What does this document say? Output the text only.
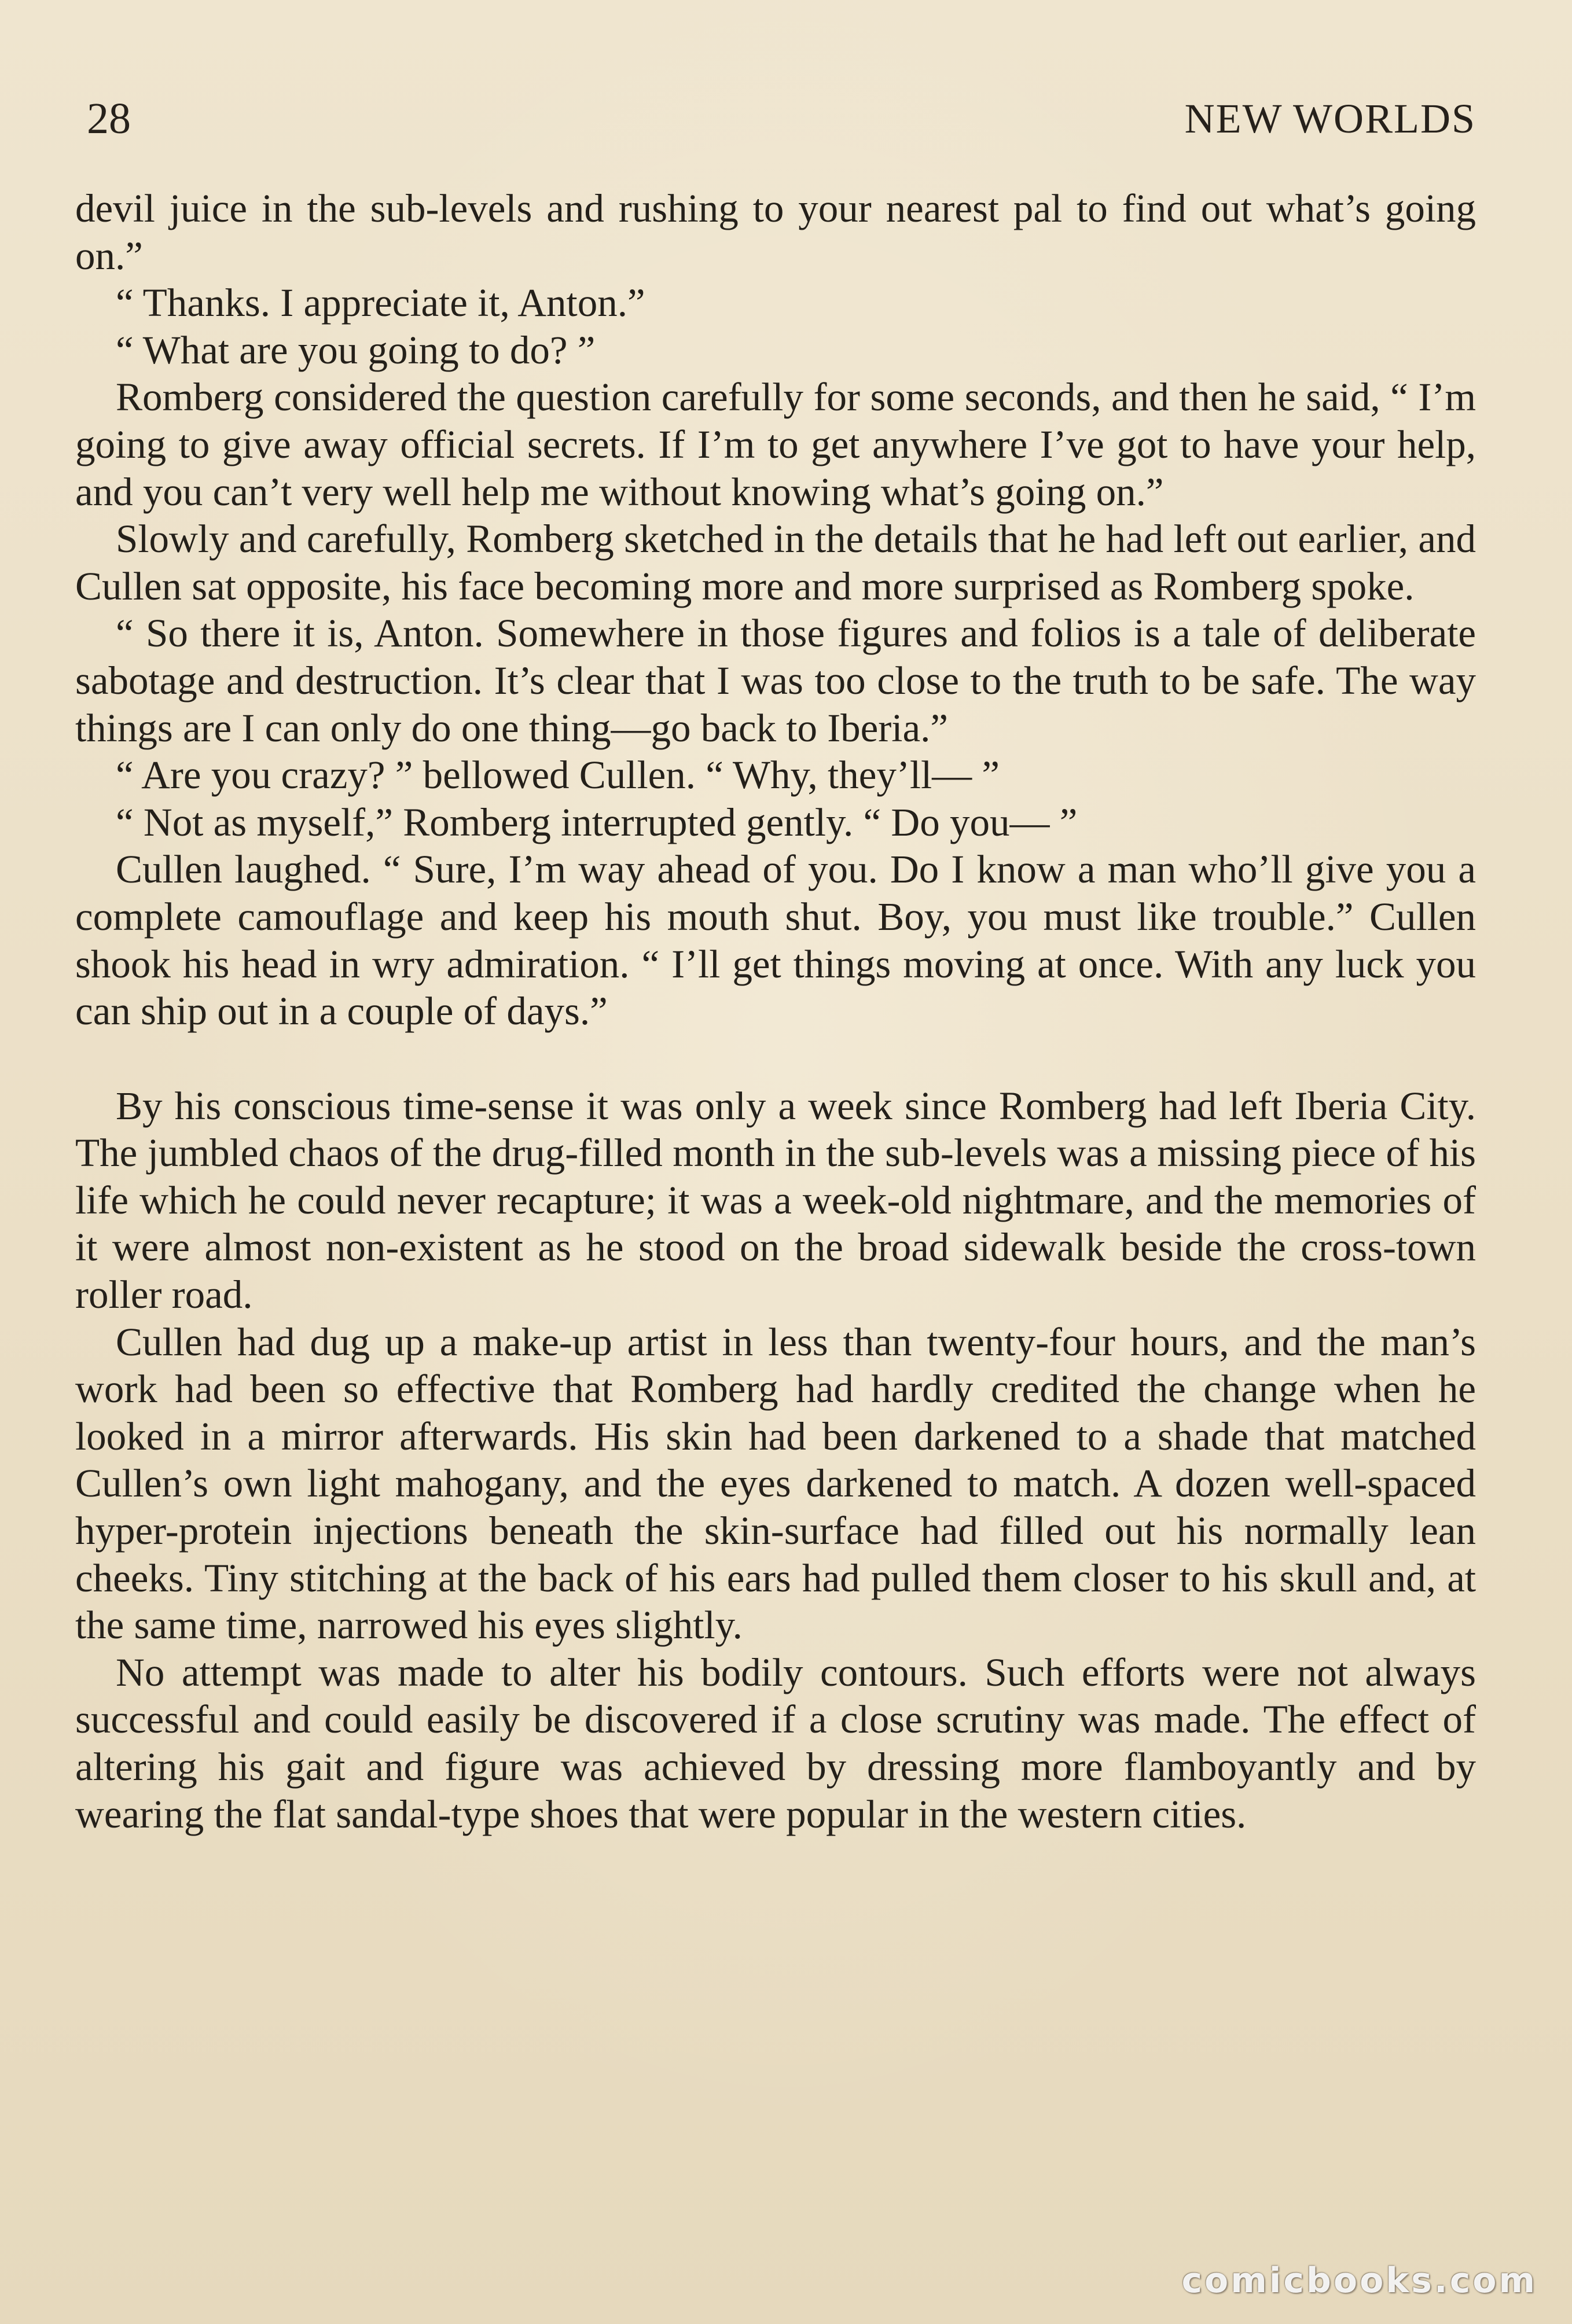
28	NEW WORLDS

devil juice in the sub-levels and rushing to your nearest pal to find out what’s going on.”

“ Thanks. I appreciate it, Anton.”

“ What are you going to do? ”

Romberg considered the question carefully for some seconds, and then he said, “ I’m going to give away official secrets. If I’m to get anywhere I’ve got to have your help, and you can’t very well help me without knowing what’s going on.”

Slowly and carefully, Romberg sketched in the details that he had left out earlier, and Cullen sat opposite, his face becoming more and more surprised as Romberg spoke.

“ So there it is, Anton. Somewhere in those figures and folios is a tale of deliberate sabotage and destruction. It’s clear that I was too close to the truth to be safe. The way things are I can only do one thing—go back to Iberia.”

“ Are you crazy? ” bellowed Cullen. “ Why, they’ll— ”

“ Not as myself,” Romberg interrupted gently. “ Do you— ”

Cullen laughed. “ Sure, I’m way ahead of you. Do I know a man who’ll give you a complete camouflage and keep his mouth shut. Boy, you must like trouble.” Cullen shook his head in wry admiration. “ I’ll get things moving at once. With any luck you can ship out in a couple of days.”

By his conscious time-sense it was only a week since Romberg had left Iberia City. The jumbled chaos of the drug-filled month in the sub-levels was a missing piece of his life which he could never recapture; it was a week-old nightmare, and the memories of it were almost non-existent as he stood on the broad sidewalk beside the cross-town roller road.

Cullen had dug up a make-up artist in less than twenty-four hours, and the man’s work had been so effective that Romberg had hardly credited the change when he looked in a mirror afterwards. His skin had been darkened to a shade that matched Cullen’s own light mahogany, and the eyes darkened to match. A dozen well-spaced hyper-protein injections beneath the skin-surface had filled out his normally lean cheeks. Tiny stitching at the back of his ears had pulled them closer to his skull and, at the same time, narrowed his eyes slightly.

No attempt was made to alter his bodily contours. Such efforts were not always successful and could easily be discovered if a close scrutiny was made. The effect of altering his gait and figure was achieved by dressing more flamboyantly and by wearing the flat sandal-type shoes that were popular in the western cities.

comicbooks.com
